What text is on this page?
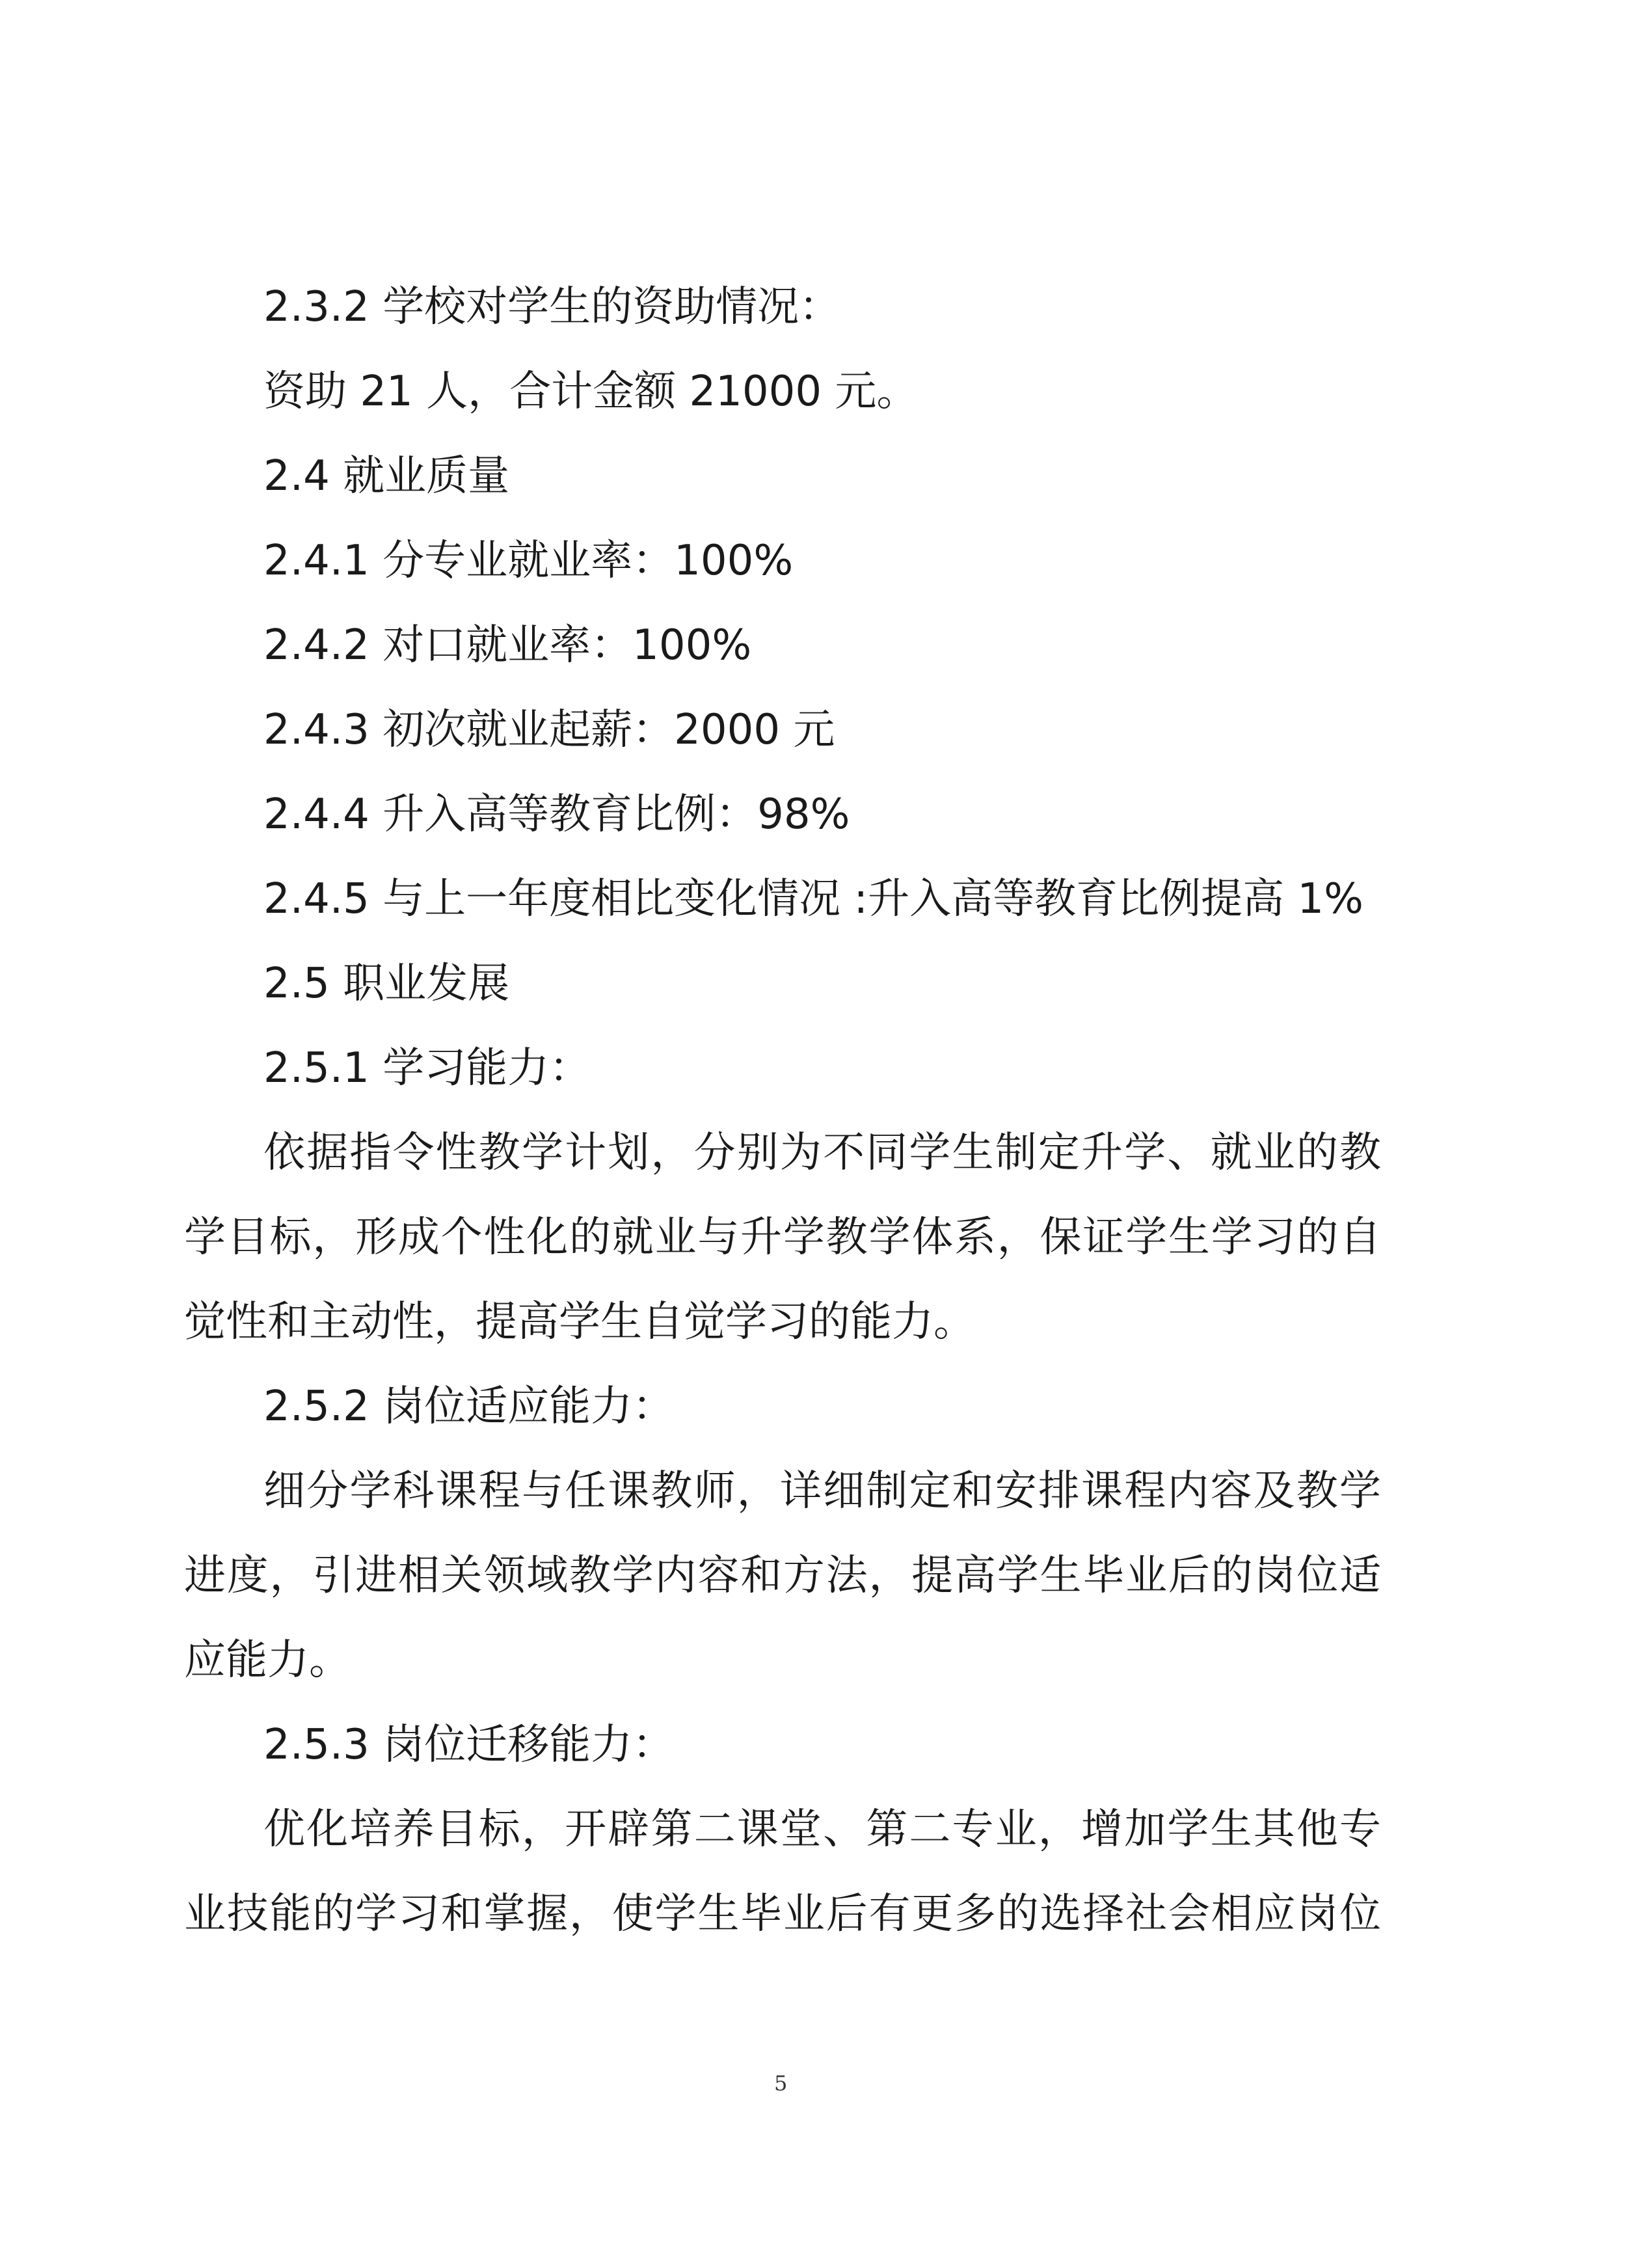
2.3.2 学校对学生的资助情况：
资助 21 人，合计金额 21000 元。
2.4 就业质量
2.4.1 分专业就业率：100%
2.4.2 对口就业率：100%
2.4.3 初次就业起薪：2000 元
2.4.4 升入高等教育比例：98%
2.4.5 与上一年度相比变化情况 :升入高等教育比例提高 1%
2.5 职业发展
2.5.1 学习能力：
依据指令性教学计划，分别为不同学生制定升学、就业的教
学目标，形成个性化的就业与升学教学体系，保证学生学习的自
觉性和主动性，提高学生自觉学习的能力。
2.5.2 岗位适应能力：
细分学科课程与任课教师，详细制定和安排课程内容及教学
进度，引进相关领域教学内容和方法，提高学生毕业后的岗位适
应能力。
2.5.3 岗位迁移能力：
优化培养目标，开辟第二课堂、第二专业，增加学生其他专
业技能的学习和掌握，使学生毕业后有更多的选择社会相应岗位
5
